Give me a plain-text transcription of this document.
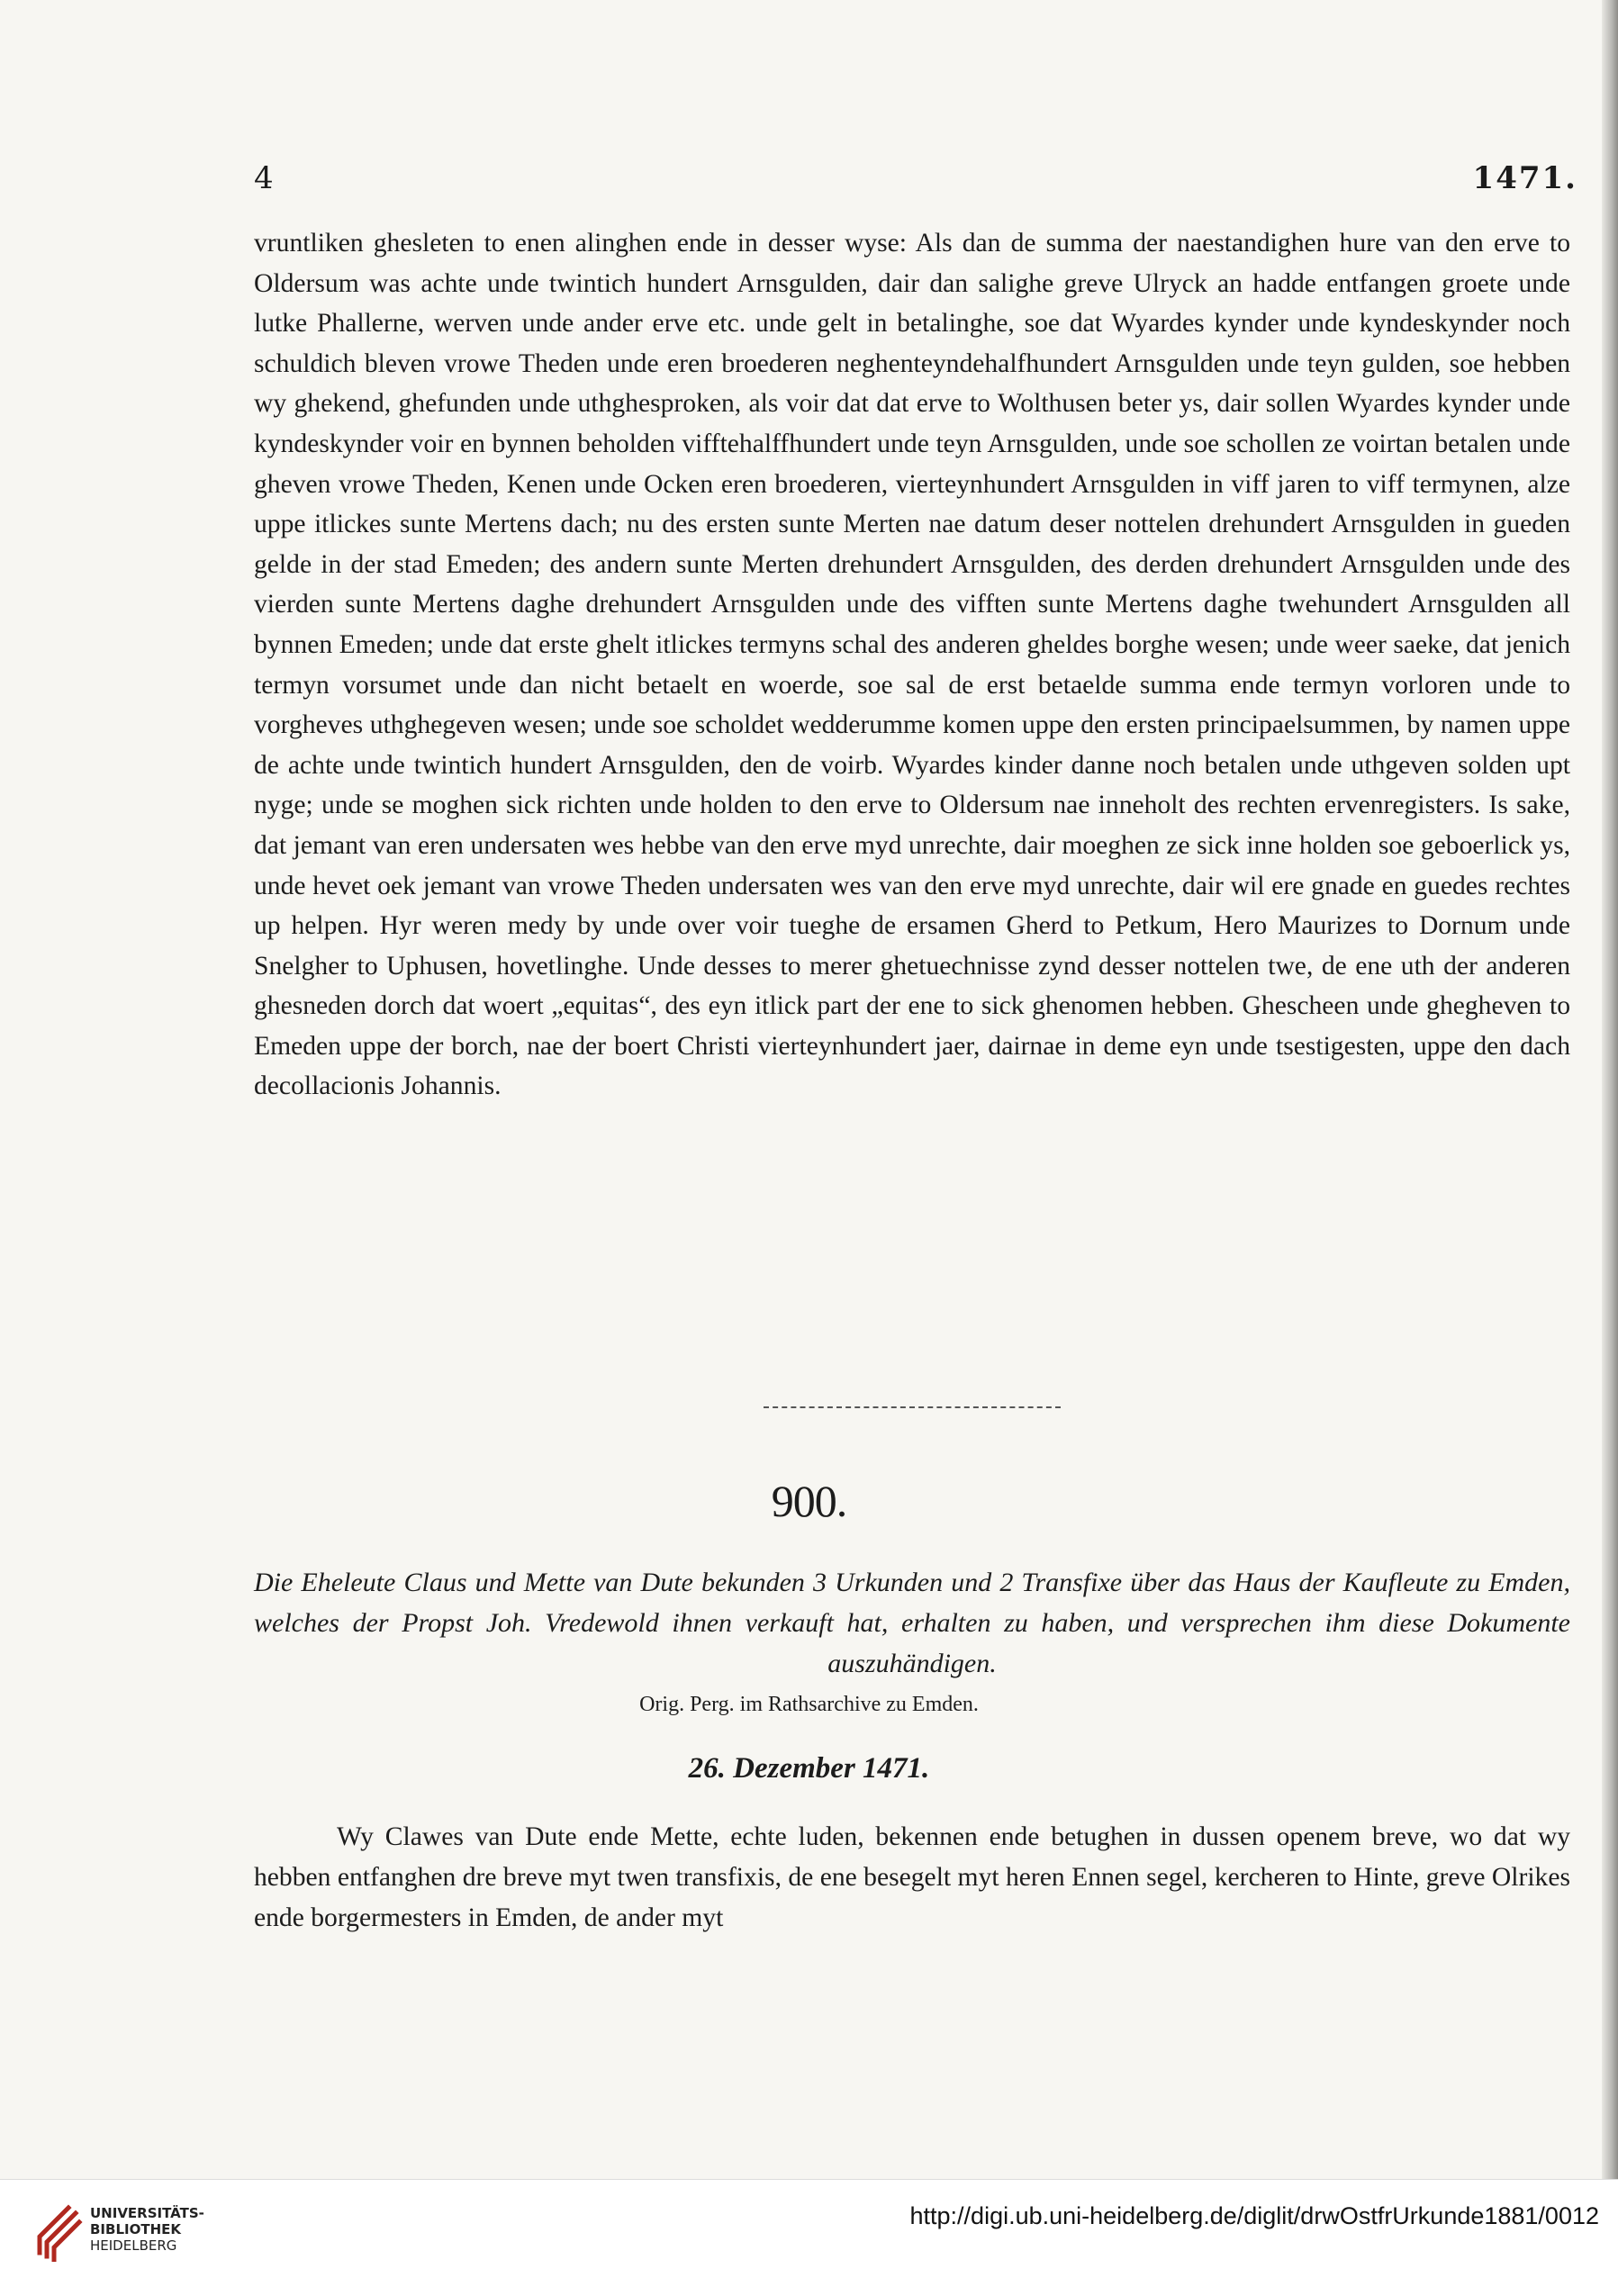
4	1471.

vruntliken ghesleten to enen alinghen ende in desser wyse: Als dan de summa der naestandighen hure van den erve to Oldersum was achte unde twintich hundert Arnsgulden, dair dan salighe greve Ulryck an hadde entfangen groete unde lutke Phallerne, werven unde ander erve etc. unde gelt in betalinghe, soe dat Wyardes kynder unde kyndeskynder noch schuldich bleven vrowe Theden unde eren broederen neghenteyndehalfhundert Arnsgulden unde teyn gulden, soe hebben wy ghekend, ghefunden unde uthghesproken, als voir dat dat erve to Wolthusen beter ys, dair sollen Wyardes kynder unde kyndeskynder voir en bynnen beholden vifftehalffhundert unde teyn Arnsgulden, unde soe schollen ze voirtan betalen unde gheven vrowe Theden, Kenen unde Ocken eren broederen, vierteynhundert Arnsgulden in viff jaren to viff termynen, alze uppe itlickes sunte Mertens dach; nu des ersten sunte Merten nae datum deser nottelen drehundert Arnsgulden in gueden gelde in der stad Emeden; des andern sunte Merten drehundert Arnsgulden, des derden drehundert Arnsgulden unde des vierden sunte Mertens daghe drehundert Arnsgulden unde des vifften sunte Mertens daghe twehundert Arnsgulden all bynnen Emeden; unde dat erste ghelt itlickes termyns schal des anderen gheldes borghe wesen; unde weer saeke, dat jenich termyn vorsumet unde dan nicht betaelt en woerde, soe sal de erst betaelde summa ende termyn vorloren unde to vorgheves uthghegeven wesen; unde soe scholdet wedderumme komen uppe den ersten principaelsummen, by namen uppe de achte unde twintich hundert Arnsgulden, den de voirb. Wyardes kinder danne noch betalen unde uthgeven solden upt nyge; unde se moghen sick richten unde holden to den erve to Oldersum nae inneholt des rechten ervenregisters. Is sake, dat jemant van eren undersaten wes hebbe van den erve myd unrechte, dair moeghen ze sick inne holden soe geboerlick ys, unde hevet oek jemant van vrowe Theden undersaten wes van den erve myd unrechte, dair wil ere gnade en guedes rechtes up helpen. Hyr weren medy by unde over voir tueghe de ersamen Gherd to Petkum, Hero Maurizes to Dornum unde Snelgher to Uphusen, hovetlinghe. Unde desses to merer ghetuechnisse zynd desser nottelen twe, de ene uth der anderen ghesneden dorch dat woert „equitas“, des eyn itlick part der ene to sick ghenomen hebben. Ghescheen unde ghegheven to Emeden uppe der borch, nae der boert Christi vierteynhundert jaer, dairnae in deme eyn unde tsestigesten, uppe den dach decollacionis Johannis.

900.

Die Eheleute Claus und Mette van Dute bekunden 3 Urkunden und 2 Transfixe über das Haus der Kaufleute zu Emden, welches der Propst Joh. Vredewold ihnen verkauft hat, erhalten zu haben, und versprechen ihm diese Dokumente auszuhändigen.

Orig. Perg. im Rathsarchive zu Emden.
26. Dezember 1471.

Wy Clawes van Dute ende Mette, echte luden, bekennen ende betughen in dussen openem breve, wo dat wy hebben entfanghen dre breve myt twen transfixis, de ene besegelt myt heren Ennen segel, kercheren to Hinte, greve Olrikes ende borgermesters in Emden, de ander myt

UNIVERSITÄTS-
BIBLIOTHEK
HEIDELBERG
http://digi.ub.uni-heidelberg.de/diglit/drwOstfrUrkunde1881/0012
